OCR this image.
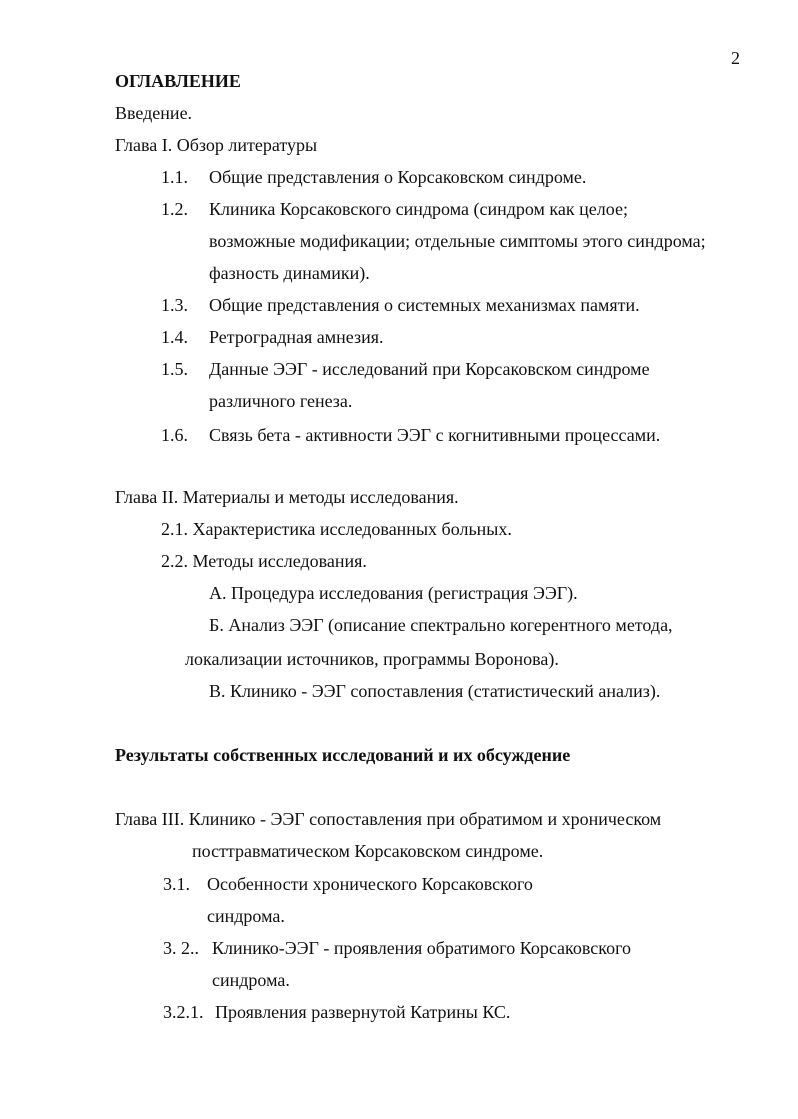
2
ОГЛАВЛЕНИЕ
Введение.
Глава I. Обзор литературы
1.1. Общие представления о Корсаковском синдроме.
1.2. Клиника Корсаковского синдрома (синдром как целое;
возможные модификации; отдельные симптомы этого синдрома;
фазность динамики).
1.3. Общие представления о системных механизмах памяти.
1.4. Ретроградная амнезия.
1.5. Данные ЭЭГ - исследований при Корсаковском синдроме
различного генеза.
1.6. Связь бета - активности ЭЭГ с когнитивными процессами.
Глава II. Материалы и методы исследования.
2.1. Характеристика исследованных больных.
2.2. Методы исследования.
А. Процедура исследования (регистрация ЭЭГ).
Б. Анализ ЭЭГ (описание спектрально когерентного метода,
локализации источников, программы Воронова).
В. Клинико - ЭЭГ сопоставления (статистический анализ).
Результаты собственных исследований и их обсуждение
Глава III. Клинико - ЭЭГ сопоставления при обратимом и хроническом
посттравматическом Корсаковском синдроме.
3.1. Особенности хронического Корсаковского
синдрома.
3. 2.. Клинико-ЭЭГ - проявления обратимого Корсаковского
синдрома.
3.2.1. Проявления развернутой Катрины КС.
